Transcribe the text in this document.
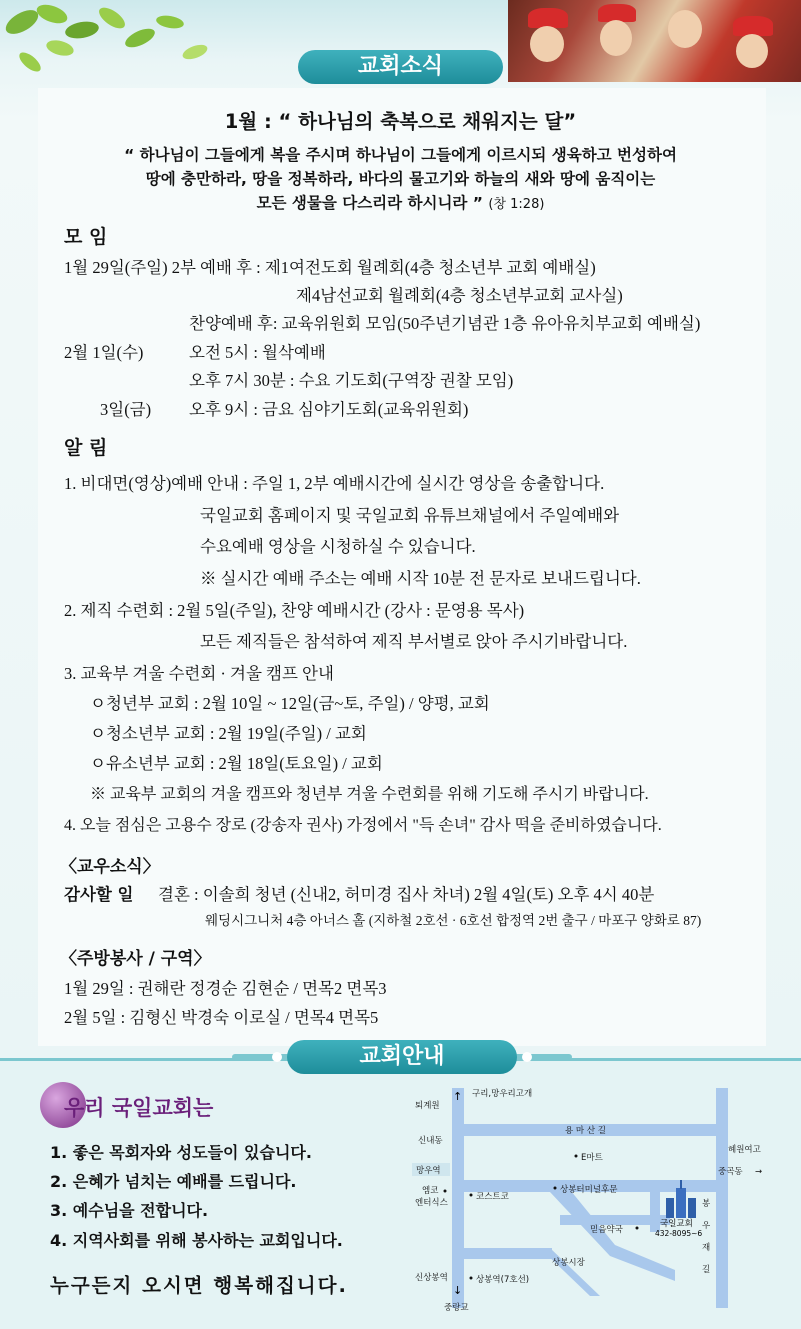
교회소식
1월 : “ 하나님의 축복으로 채워지는 달”
“ 하나님이 그들에게 복을 주시며 하나님이 그들에게 이르시되 생육하고 번성하여
땅에 충만하라, 땅을 정복하라, 바다의 물고기와 하늘의 새와 땅에 움직이는
모든 생물을 다스리라 하시니라 ” (창 1:28)
모 임
1월 29일(주일) 2부 예배 후 : 제1여전도회 월례회(4층 청소년부 교회 예배실)
제4남선교회 월례회(4층 청소년부교회 교사실)
찬양예배 후: 교육위원회 모임(50주년기념관 1층 유아유치부교회 예배실)
2월 1일(수)	오전 5시 : 월삭예배
오후 7시 30분 : 수요 기도회(구역장 권찰 모임)
3일(금) 오후 9시 : 금요 심야기도회(교육위원회)
알 림
1. 비대면(영상)예배 안내 : 주일 1, 2부 예배시간에 실시간 영상을 송출합니다.
국일교회 홈페이지 및 국일교회 유튜브채널에서 주일예배와
수요예배 영상을 시청하실 수 있습니다.
※ 실시간 예배 주소는 예배 시작 10분 전 문자로 보내드립니다.
2. 제직 수련회 : 2월 5일(주일), 찬양 예배시간 (강사 : 문영용 목사)
모든 제직들은 참석하여 제직 부서별로 앉아 주시기바랍니다.
3. 교육부 겨울 수련회 · 겨울 캠프 안내
ㅇ청년부 교회 : 2월 10일 ~ 12일(금~토, 주일) / 양평, 교회
ㅇ청소년부 교회 : 2월 19일(주일) / 교회
ㅇ유소년부 교회 : 2월 18일(토요일) / 교회
※ 교육부 교회의 겨울 캠프와 청년부 겨울 수련회를 위해 기도해 주시기 바랍니다.
4. 오늘 점심은 고용수 장로 (강송자 권사) 가정에서 "득 손녀" 감사 떡을 준비하였습니다.
〈교우소식〉
감사할 일 결혼 : 이솔희 청년 (신내2, 허미경 집사 차녀) 2월 4일(토) 오후 4시 40분
웨딩시그니처 4층 아너스 홀 (지하철 2호선 · 6호선 합정역 2번 출구 / 마포구 양화로 87)
〈주방봉사 / 구역〉
1월 29일 : 권해란 정경순 김현순 / 면목2 면목3
2월 5일 : 김형신 박경숙 이로실 / 면목4 면목5
교회안내
우리 국일교회는
1. 좋은 목회자와 성도들이 있습니다.
2. 은혜가 넘치는 예배를 드립니다.
3. 예수님을 전합니다.
4. 지역사회를 위해 봉사하는 교회입니다.
누구든지 오시면 행복해집니다.
구리,망우리고개
퇴계원
용 마 산 길
신내동
혜원여고
E마트
망우역	중곡동 →
엠코
엔터식스
코스트코
상봉터미널후문
믿음약국
상봉시장
신상봉역	상봉역(7호선)
중랑교
봉
우
재
길
↑
↓
국일교회
432-8095~6
